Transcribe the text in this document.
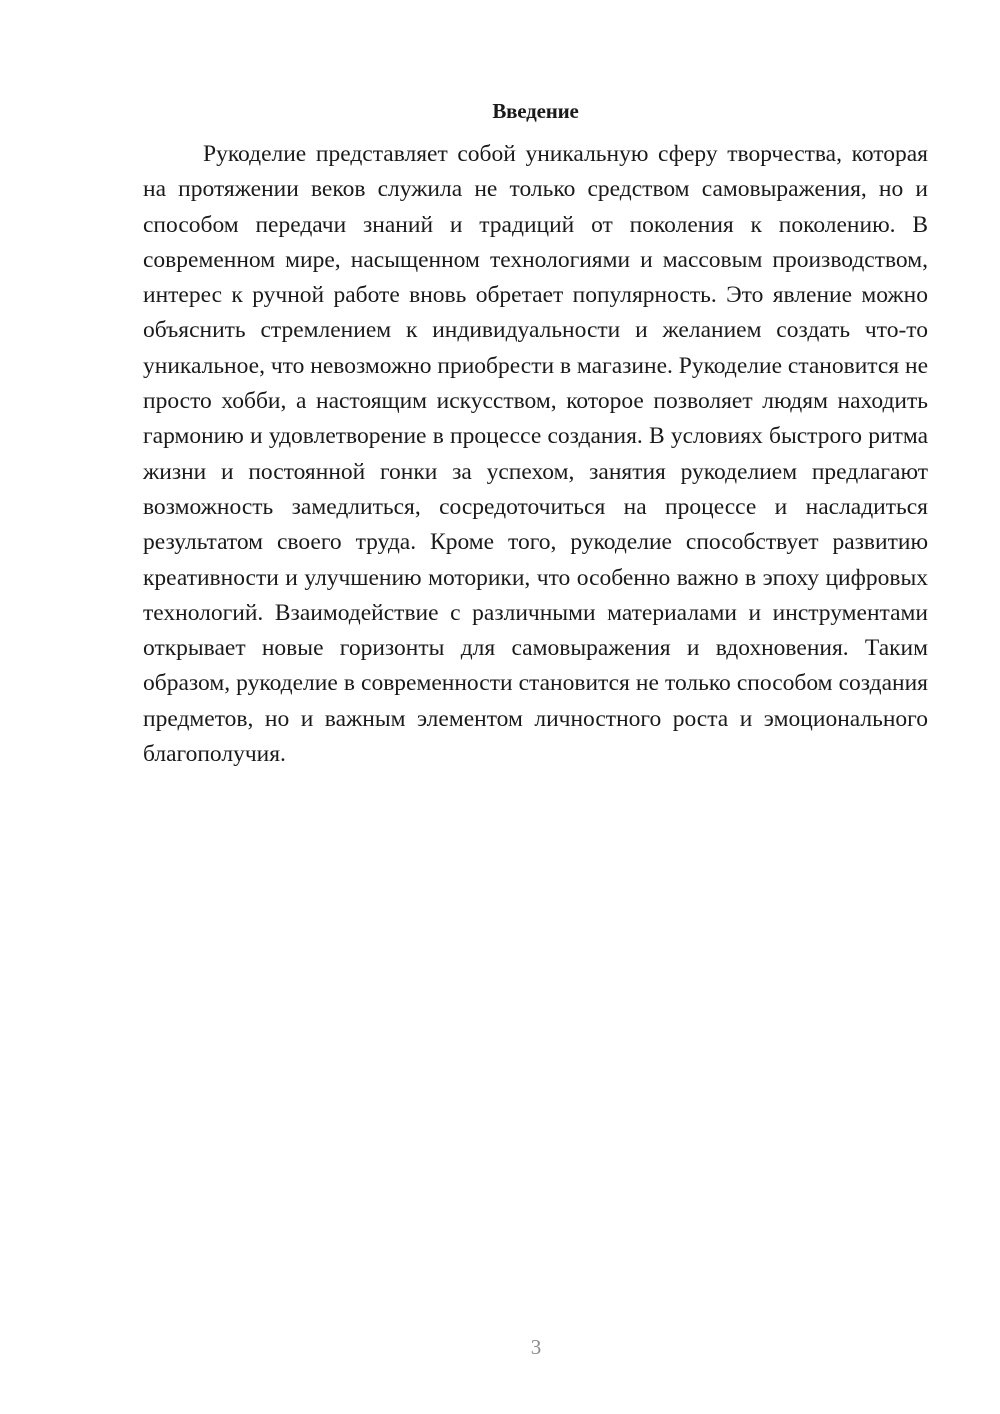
Введение

Рукоделие представляет собой уникальную сферу творчества, которая на протяжении веков служила не только средством самовыражения, но и способом передачи знаний и традиций от поколения к поколению. В современном мире, насыщенном технологиями и массовым производством, интерес к ручной работе вновь обретает популярность. Это явление можно объяснить стремлением к индивидуальности и желанием создать что-то уникальное, что невозможно приобрести в магазине. Рукоделие становится не просто хобби, а настоящим искусством, которое позволяет людям находить гармонию и удовлетворение в процессе создания. В условиях быстрого ритма жизни и постоянной гонки за успехом, занятия рукоделием предлагают возможность замедлиться, сосредоточиться на процессе и насладиться результатом своего труда. Кроме того, рукоделие способствует развитию креативности и улучшению моторики, что особенно важно в эпоху цифровых технологий. Взаимодействие с различными материалами и инструментами открывает новые горизонты для самовыражения и вдохновения. Таким образом, рукоделие в современности становится не только способом создания предметов, но и важным элементом личностного роста и эмоционального благополучия.

3
